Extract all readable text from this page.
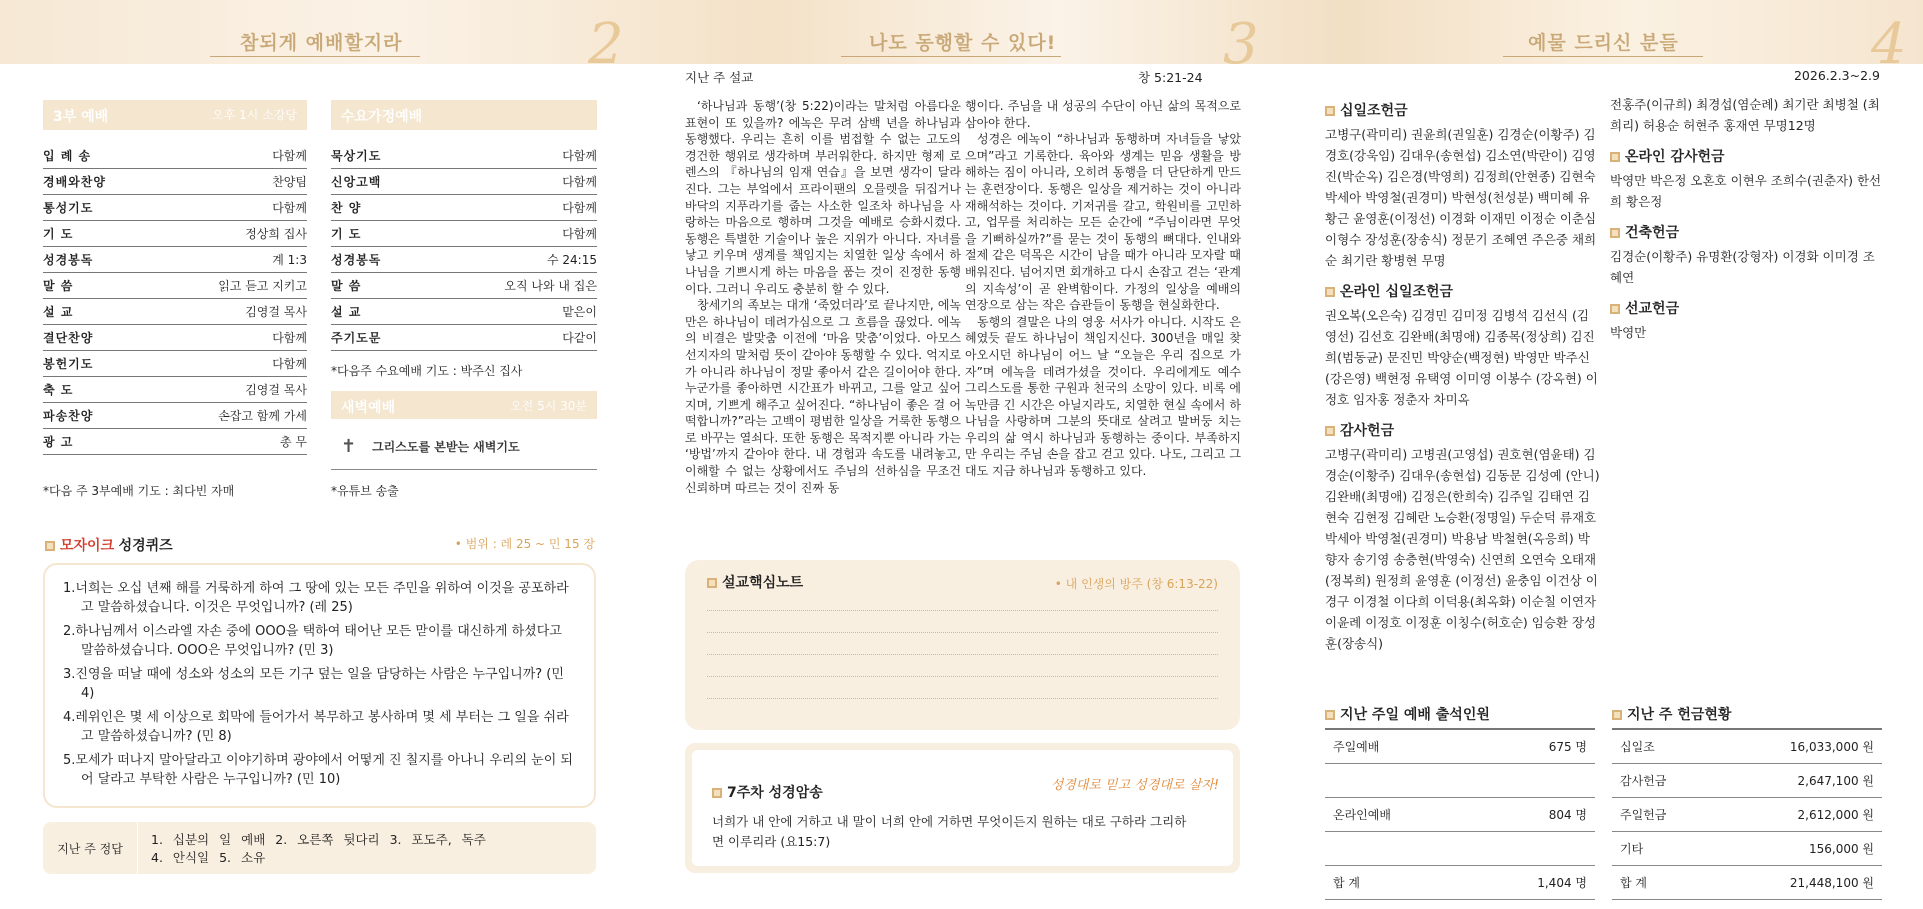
참되게 예배할지라	2
3부 예배	오후 1시 소강당
입 례 송	다함께
경배와찬양	찬양팀
통성기도	다함께
기 도	정상희 집사
성경봉독	계 1:3
말 씀	읽고 듣고 지키고
설 교	김영걸 목사
결단찬양	다함께
봉헌기도	다함께
축 도	김영걸 목사
파송찬양	손잡고 함께 가세
광 고	총 무
*다음 주 3부예배 기도 : 최다빈 자매
수요가정예배
묵상기도	다함께
신앙고백	다함께
찬 양	다함께
기 도	다함께
성경봉독	수 24:15
말 씀	오직 나와 내 집은
설 교	맡은이
주기도문	다같이
*다음주 수요예배 기도 : 박주신 집사
새벽예배	오전 5시 30분
✝ 그리스도를 본받는 새벽기도
*유튜브 송출
모자이크 성경퀴즈	• 범위 : 레 25 ~ 민 15 장
1.너희는 오십 년째 해를 거룩하게 하여 그 땅에 있는 모든 주민을 위하여 이것을 공포하라고 말씀하셨습니다. 이것은 무엇입니까? (레 25)
2.하나님께서 이스라엘 자손 중에 OOO을 택하여 태어난 모든 맏이를 대신하게 하셨다고 말씀하셨습니다. OOO은 무엇입니까? (민 3)
3.진영을 떠날 때에 성소와 성소의 모든 기구 덮는 일을 담당하는 사람은 누구입니까? (민 4)
4.레위인은 몇 세 이상으로 회막에 들어가서 복무하고 봉사하며 몇 세 부터는 그 일을 쉬라고 말씀하셨습니까? (민 8)
5.모세가 떠나지 말아달라고 이야기하며 광야에서 어떻게 진 칠지를 아나니 우리의 눈이 되어 달라고 부탁한 사람은 누구입니까? (민 10)
지난 주 정답
1. 십분의 일 예배 2. 오른쪽 뒷다리 3. 포도주, 독주
4. 안식일 5. 소유
나도 동행할 수 있다!	3
지난 주 설교	창 5:21-24

‘하나님과 동행’(창 5:22)이라는 말처럼 아름다운 표현이 또 있을까? 에녹은 무려 삼백 년을 하나님과 동행했다. 우리는 흔히 이를 범접할 수 없는 고도의 경건한 행위로 생각하며 부러워한다. 하지만 형제 로렌스의 『하나님의 임재 연습』을 보면 생각이 달라진다. 그는 부엌에서 프라이팬의 오믈렛을 뒤집거나 바닥의 지푸라기를 줍는 사소한 일조차 하나님을 사랑하는 마음으로 행하며 그것을 예배로 승화시켰다. 동행은 특별한 기술이나 높은 지위가 아니다. 자녀를 낳고 키우며 생계를 책임지는 치열한 일상 속에서 하나님을 기쁘시게 하는 마음을 품는 것이 진정한 동행이다. 그러니 우리도 충분히 할 수 있다.

창세기의 족보는 대개 ‘죽었더라’로 끝나지만, 에녹만은 하나님이 데려가심으로 그 흐름을 끊었다. 에녹의 비결은 발맞춤 이전에 ‘마음 맞춤’이었다. 아모스 선지자의 말처럼 뜻이 같아야 동행할 수 있다. 억지로가 아니라 하나님이 정말 좋아서 같은 길이어야 한다. 누군가를 좋아하면 시간표가 바뀌고, 그를 알고 싶어지며, 기쁘게 해주고 싶어진다. “하나님이 좋은 걸 어떡합니까?”라는 고백이 평범한 일상을 거룩한 동행으로 바꾸는 열쇠다. 또한 동행은 목적지뿐 아니라 가는 ‘방법’까지 같아야 한다. 내 경험과 속도를 내려놓고, 이해할 수 없는 상황에서도 주님의 선하심을 무조건 신뢰하며 따르는 것이 진짜 동

행이다. 주님을 내 성공의 수단이 아닌 삶의 목적으로 삼아야 한다.

성경은 에녹이 “하나님과 동행하며 자녀들을 낳았으며”라고 기록한다. 육아와 생계는 믿음 생활을 방해하는 짐이 아니라, 오히려 동행을 더 단단하게 만드는 훈련장이다. 동행은 일상을 제거하는 것이 아니라 재해석하는 것이다. 기저귀를 갈고, 학원비를 고민하고, 업무를 처리하는 모든 순간에 “주님이라면 무엇을 기뻐하실까?”를 묻는 것이 동행의 뼈대다. 인내와 절제 같은 덕목은 시간이 남을 때가 아니라 모자랄 때 배워진다. 넘어지면 회개하고 다시 손잡고 걷는 ‘관계의 지속성’이 곧 완벽함이다. 가정의 일상을 예배의 연장으로 삼는 작은 습관들이 동행을 현실화한다.

동행의 결말은 나의 영웅 서사가 아니다. 시작도 은혜였듯 끝도 하나님이 책임지신다. 300년을 매일 찾아오시던 하나님이 어느 날 “오늘은 우리 집으로 가자”며 에녹을 데려가셨을 것이다. 우리에게도 예수 그리스도를 통한 구원과 천국의 소망이 있다. 비록 에녹만큼 긴 시간은 아닐지라도, 치열한 현실 속에서 하나님을 사랑하며 그분의 뜻대로 살려고 발버둥 치는 우리의 삶 역시 하나님과 동행하는 중이다. 부족하지만 우리는 주님 손을 잡고 걷고 있다. 나도, 그리고 그대도 지금 하나님과 동행하고 있다.

설교핵심노트	• 내 인생의 방주 (창 6:13-22)
성경대로 믿고 성경대로 살자!
7주차 성경암송
너희가 내 안에 거하고 내 말이 너희 안에 거하면 무엇이든지 원하는 대로 구하라 그리하
면 이루리라 (요15:7)
예물 드리신 분들	4
2026.2.3~2.9
십일조헌금
고병구(곽미리) 권윤희(권일훈) 김경순(이황주) 김경호(강욱임) 김대우(송현섭) 김소연(박란이) 김영진(박순옥) 김은경(박영희) 김정희(안현종) 김현숙 박세아 박영철(권경미) 박현성(천성분) 백미혜 유황근 윤영훈(이정선) 이경화 이재민 이정순 이춘심 이형수 장성훈(장송식) 정문기 조혜연 주은중 채희순 최기란 황병현 무명
온라인 십일조헌금
권오복(오은숙) 김경민 김미정 김병석 김선식 (김영선) 김선호 김완배(최명애) 김종목(정상희) 김진희(범동균) 문진민 박양순(백정현) 박영만 박주신(강은영) 백현정 유택영 이미영 이봉수 (강옥현) 이정호 임자홍 정춘자 차미옥
감사헌금
고병구(곽미리) 고병권(고영섭) 권호현(염윤태) 김경순(이황주) 김대우(송현섭) 김동문 김성예 (안니) 김완배(최명애) 김정은(한희숙) 김주일 김태연 김현숙 김현정 김혜란 노승환(정명일) 두순덕 류재호 박세아 박영철(권경미) 박용남 박철현(옥응희) 박향자 송기영 송층현(박영숙) 신연희 오연숙 오태재(정복희) 원정희 윤영훈 (이정선) 윤충임 이건상 이경구 이경철 이다희 이덕용(최옥화) 이순칠 이연자 이윤례 이정호 이정훈 이칭수(허호순) 임승환 장성훈(장송식)
전홍주(이규희) 최경섭(염순례) 최기란 최병철 (최희리) 허용순 허현주 홍재연 무명12명
온라인 감사헌금
박영만 박은정 오혼호 이현우 조희수(권춘자) 한선희 황은정
건축헌금
김경순(이황주) 유명환(강형자) 이경화 이미경 조혜연
선교헌금
박영만
지난 주일 예배 출석인원
주일예배	675 명
온라인예배	804 명
합 계	1,404 명
지난 주 헌금현황
십일조	16,033,000 원
감사헌금	2,647,100 원
주일헌금	2,612,000 원
기타	156,000 원
합 계	21,448,100 원
